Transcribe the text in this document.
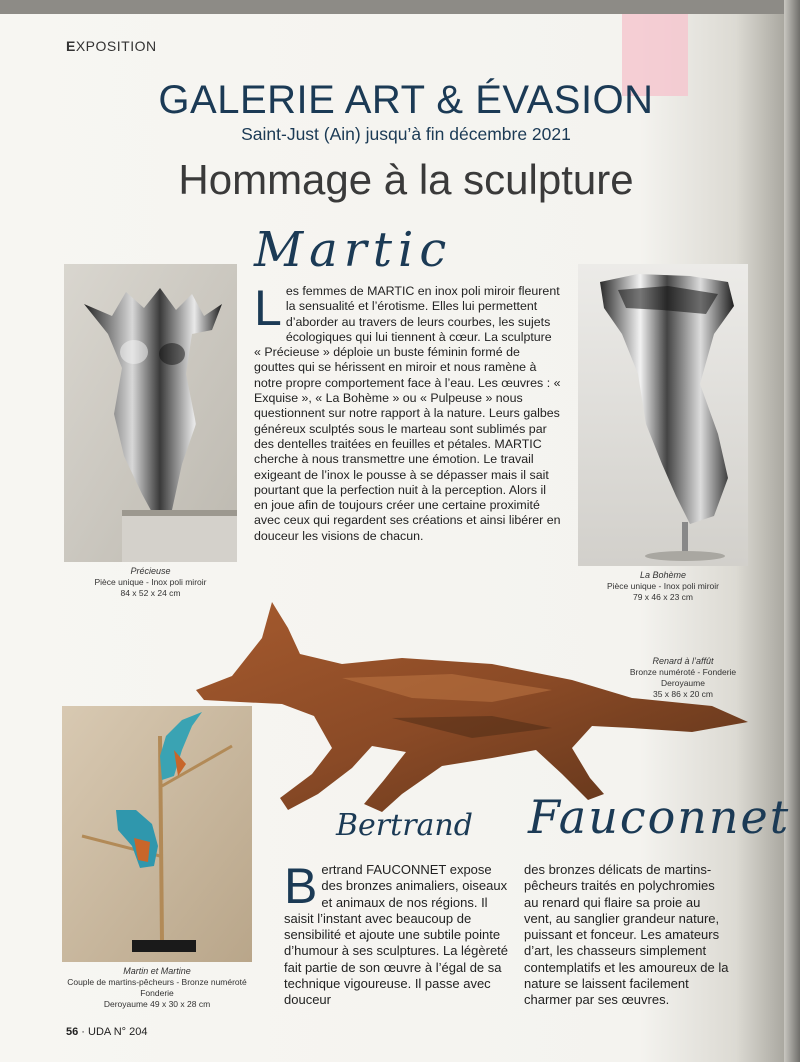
EXPOSITION
GALERIE ART & ÉVASION
Saint-Just (Ain) jusqu’à fin décembre 2021
Hommage à la sculpture
Martic
Précieuse
Pièce unique - Inox poli miroir
84 x 52 x 24 cm

Les femmes de MARTIC en inox poli miroir fleurent la sensualité et l’érotisme. Elles lui permettent d’aborder au travers de leurs courbes, les sujets écologiques qui lui tiennent à cœur. La sculpture « Précieuse » déploie un buste féminin formé de gouttes qui se hérissent en miroir et nous ramène à notre propre comportement face à l’eau. Les œuvres : « Exquise », « La Bohème » ou « Pulpeuse » nous questionnent sur notre rapport à la nature. Leurs galbes généreux sculptés sous le marteau sont sublimés par des dentelles traitées en feuilles et pétales. MARTIC cherche à nous transmettre une émotion. Le travail exigeant de l’inox le pousse à se dépasser mais il sait pourtant que la perfection nuit à la perception. Alors il en joue afin de toujours créer une certaine proximité avec ceux qui regardent ses créations et ainsi libérer en douceur les visions de chacun.

La Bohème
Pièce unique - Inox poli miroir
79 x 46 x 23 cm
Renard à l’affût
Bronze numéroté - Fonderie Deroyaume
35 x 86 x 20 cm
Martin et Martine
Couple de martins-pêcheurs - Bronze numéroté Fonderie
Deroyaume 49 x 30 x 28 cm
Bertrand Fauconnet

Bertrand FAUCONNET expose des bronzes animaliers, oiseaux et animaux de nos régions. Il saisit l’instant avec beaucoup de sensibilité et ajoute une subtile pointe d’humour à ses sculptures. La légèreté fait partie de son œuvre à l’égal de sa technique vigoureuse. Il passe avec douceur

des bronzes délicats de martins-pêcheurs traités en polychromies au renard qui flaire sa proie au vent, au sanglier grandeur nature, puissant et fonceur. Les amateurs d’art, les chasseurs simplement contemplatifs et les amoureux de la nature se laissent facilement charmer par ses œuvres.

56 · UDA N° 204
